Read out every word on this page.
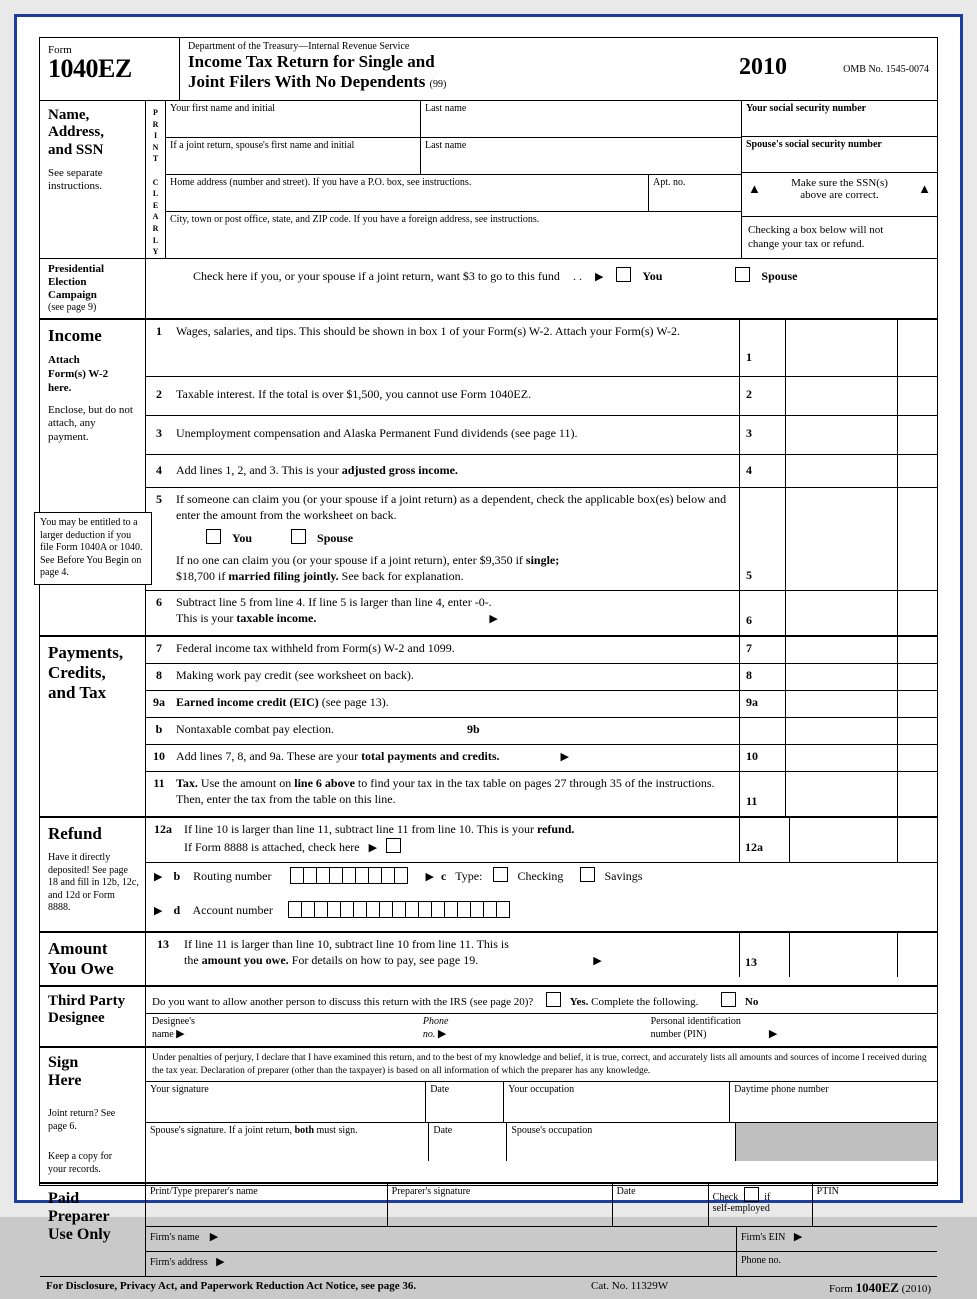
Form
1040EZ
Department of the Treasury—Internal Revenue Service
Income Tax Return for Single and
Joint Filers With No Dependents (99)
2010	OMB No. 1545-0074
Name,
Address,
and SSN
See separate instructions.
P
R
I
N
T

C
L
E
A
R
L
Y
Your first name and initial	Last name
If a joint return, spouse's first name and initial	Last name
Home address (number and street). If you have a P.O. box, see instructions.	Apt. no.
City, town or post office, state, and ZIP code. If you have a foreign address, see instructions.
Your social security number
Spouse's social security number
▲	▲
Make sure the SSN(s)
above are correct.
Checking a box below will not
change your tax or refund.
Presidential
Election
Campaign
(see page 9)
Check here if you, or your spouse if a joint return, want $3 to go to this fund . . ▶	You	Spouse
Income
Attach
Form(s) W-2
here.
Enclose, but do not attach, any payment.
You may be entitled to a larger deduction if you file Form 1040A or 1040. See Before You Begin on page 4.
1	Wages, salaries, and tips. This should be shown in box 1 of your Form(s) W-2. Attach your Form(s) W-2.
1
2	Taxable interest. If the total is over $1,500, you cannot use Form 1040EZ.	2
3	Unemployment compensation and Alaska Permanent Fund dividends (see page 11).	3
4	Add lines 1, 2, and 3. This is your adjusted gross income.	4
5	If someone can claim you (or your spouse if a joint return) as a dependent, check the applicable box(es) below and enter the amount from the worksheet on back.
You	Spouse
If no one can claim you (or your spouse if a joint return), enter $9,350 if single;
$18,700 if married filing jointly. See back for explanation.	5
6	Subtract line 5 from line 4. If line 5 is larger than line 4, enter -0-.
This is your taxable income.	▶	6
Payments,
Credits,
and Tax
7	Federal income tax withheld from Form(s) W-2 and 1099.	7
8	Making work pay credit (see worksheet on back).	8
9a Earned income credit (EIC) (see page 13).	9a
b	Nontaxable combat pay election.	9b
10 Add lines 7, 8, and 9a. These are your total payments and credits.	▶	10
11 Tax. Use the amount on line 6 above to find your tax in the tax table on pages 27 through 35 of the instructions. Then, enter the tax from the table on this line.	11
Refund
Have it directly deposited! See page 18 and fill in 12b, 12c, and 12d or Form 8888.
12a	If line 10 is larger than line 11, subtract line 11 from line 10. This is your refund.
If Form 8888 is attached, check here ▶	12a
▶ b Routing number	▶ c Type:	Checking	Savings
▶ d Account number
Amount
You Owe
13	If line 11 is larger than line 10, subtract line 10 from line 11. This is
the amount you owe. For details on how to pay, see page 19.	▶	13
Third Party
Designee
Do you want to allow another person to discuss this return with the IRS (see page 20)?	Yes. Complete the following.	No
Designee's
name ▶
Phone
no. ▶
Personal identification
number (PIN)	▶
Sign
Here
Joint return? See
page 6.
Keep a copy for
your records.
Under penalties of perjury, I declare that I have examined this return, and to the best of my knowledge and belief, it is true, correct, and accurately lists all amounts and sources of income I received during the tax year. Declaration of preparer (other than the taxpayer) is based on all information of which the preparer has any knowledge.
Your signature	Date	Your occupation	Daytime phone number
Spouse's signature. If a joint return, both must sign.	Date	Spouse's occupation
Paid
Preparer
Use Only
Print/Type preparer's name	Preparer's signature	Date
Check	if
self-employed
PTIN
Firm's name ▶	Firm's EIN ▶
Firm's address ▶	Phone no.
For Disclosure, Privacy Act, and Paperwork Reduction Act Notice, see page 36.	Cat. No. 11329W	Form 1040EZ (2010)
